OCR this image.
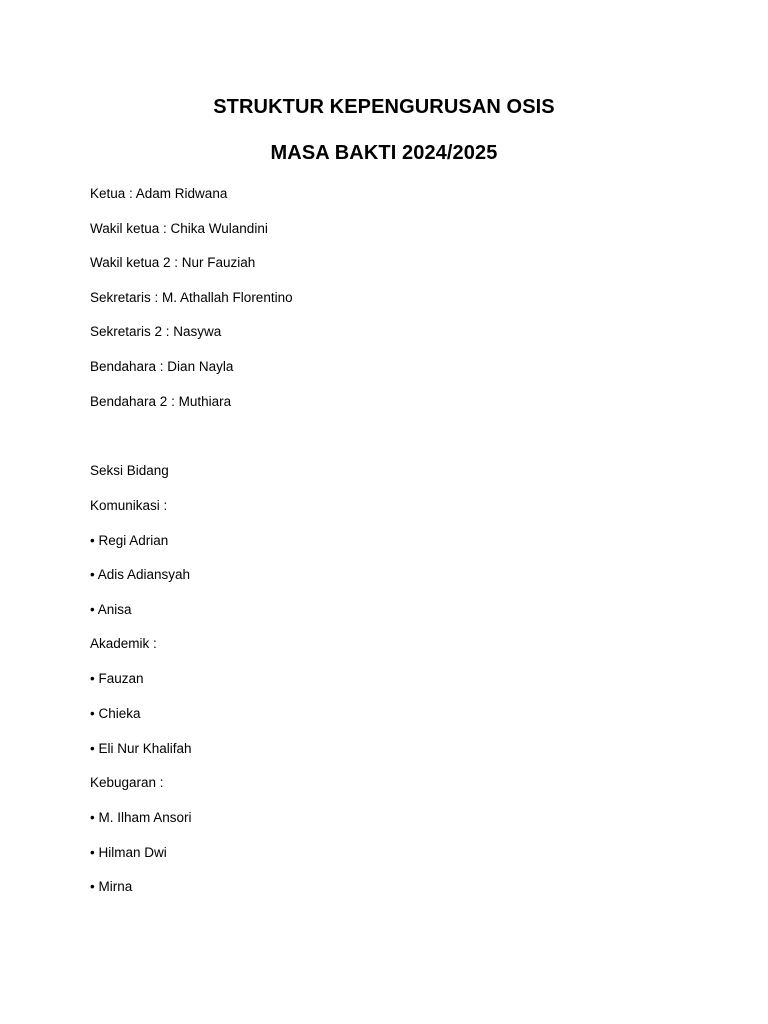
STRUKTUR KEPENGURUSAN OSIS
MASA BAKTI 2024/2025
Ketua : Adam Ridwana
Wakil ketua : Chika Wulandini
Wakil ketua 2 : Nur Fauziah
Sekretaris : M. Athallah Florentino
Sekretaris 2 : Nasywa
Bendahara : Dian Nayla
Bendahara 2 : Muthiara
Seksi Bidang
Komunikasi :
• Regi Adrian
• Adis Adiansyah
• Anisa
Akademik :
• Fauzan
• Chieka
• Eli Nur Khalifah
Kebugaran :
• M. Ilham Ansori
• Hilman Dwi
• Mirna
